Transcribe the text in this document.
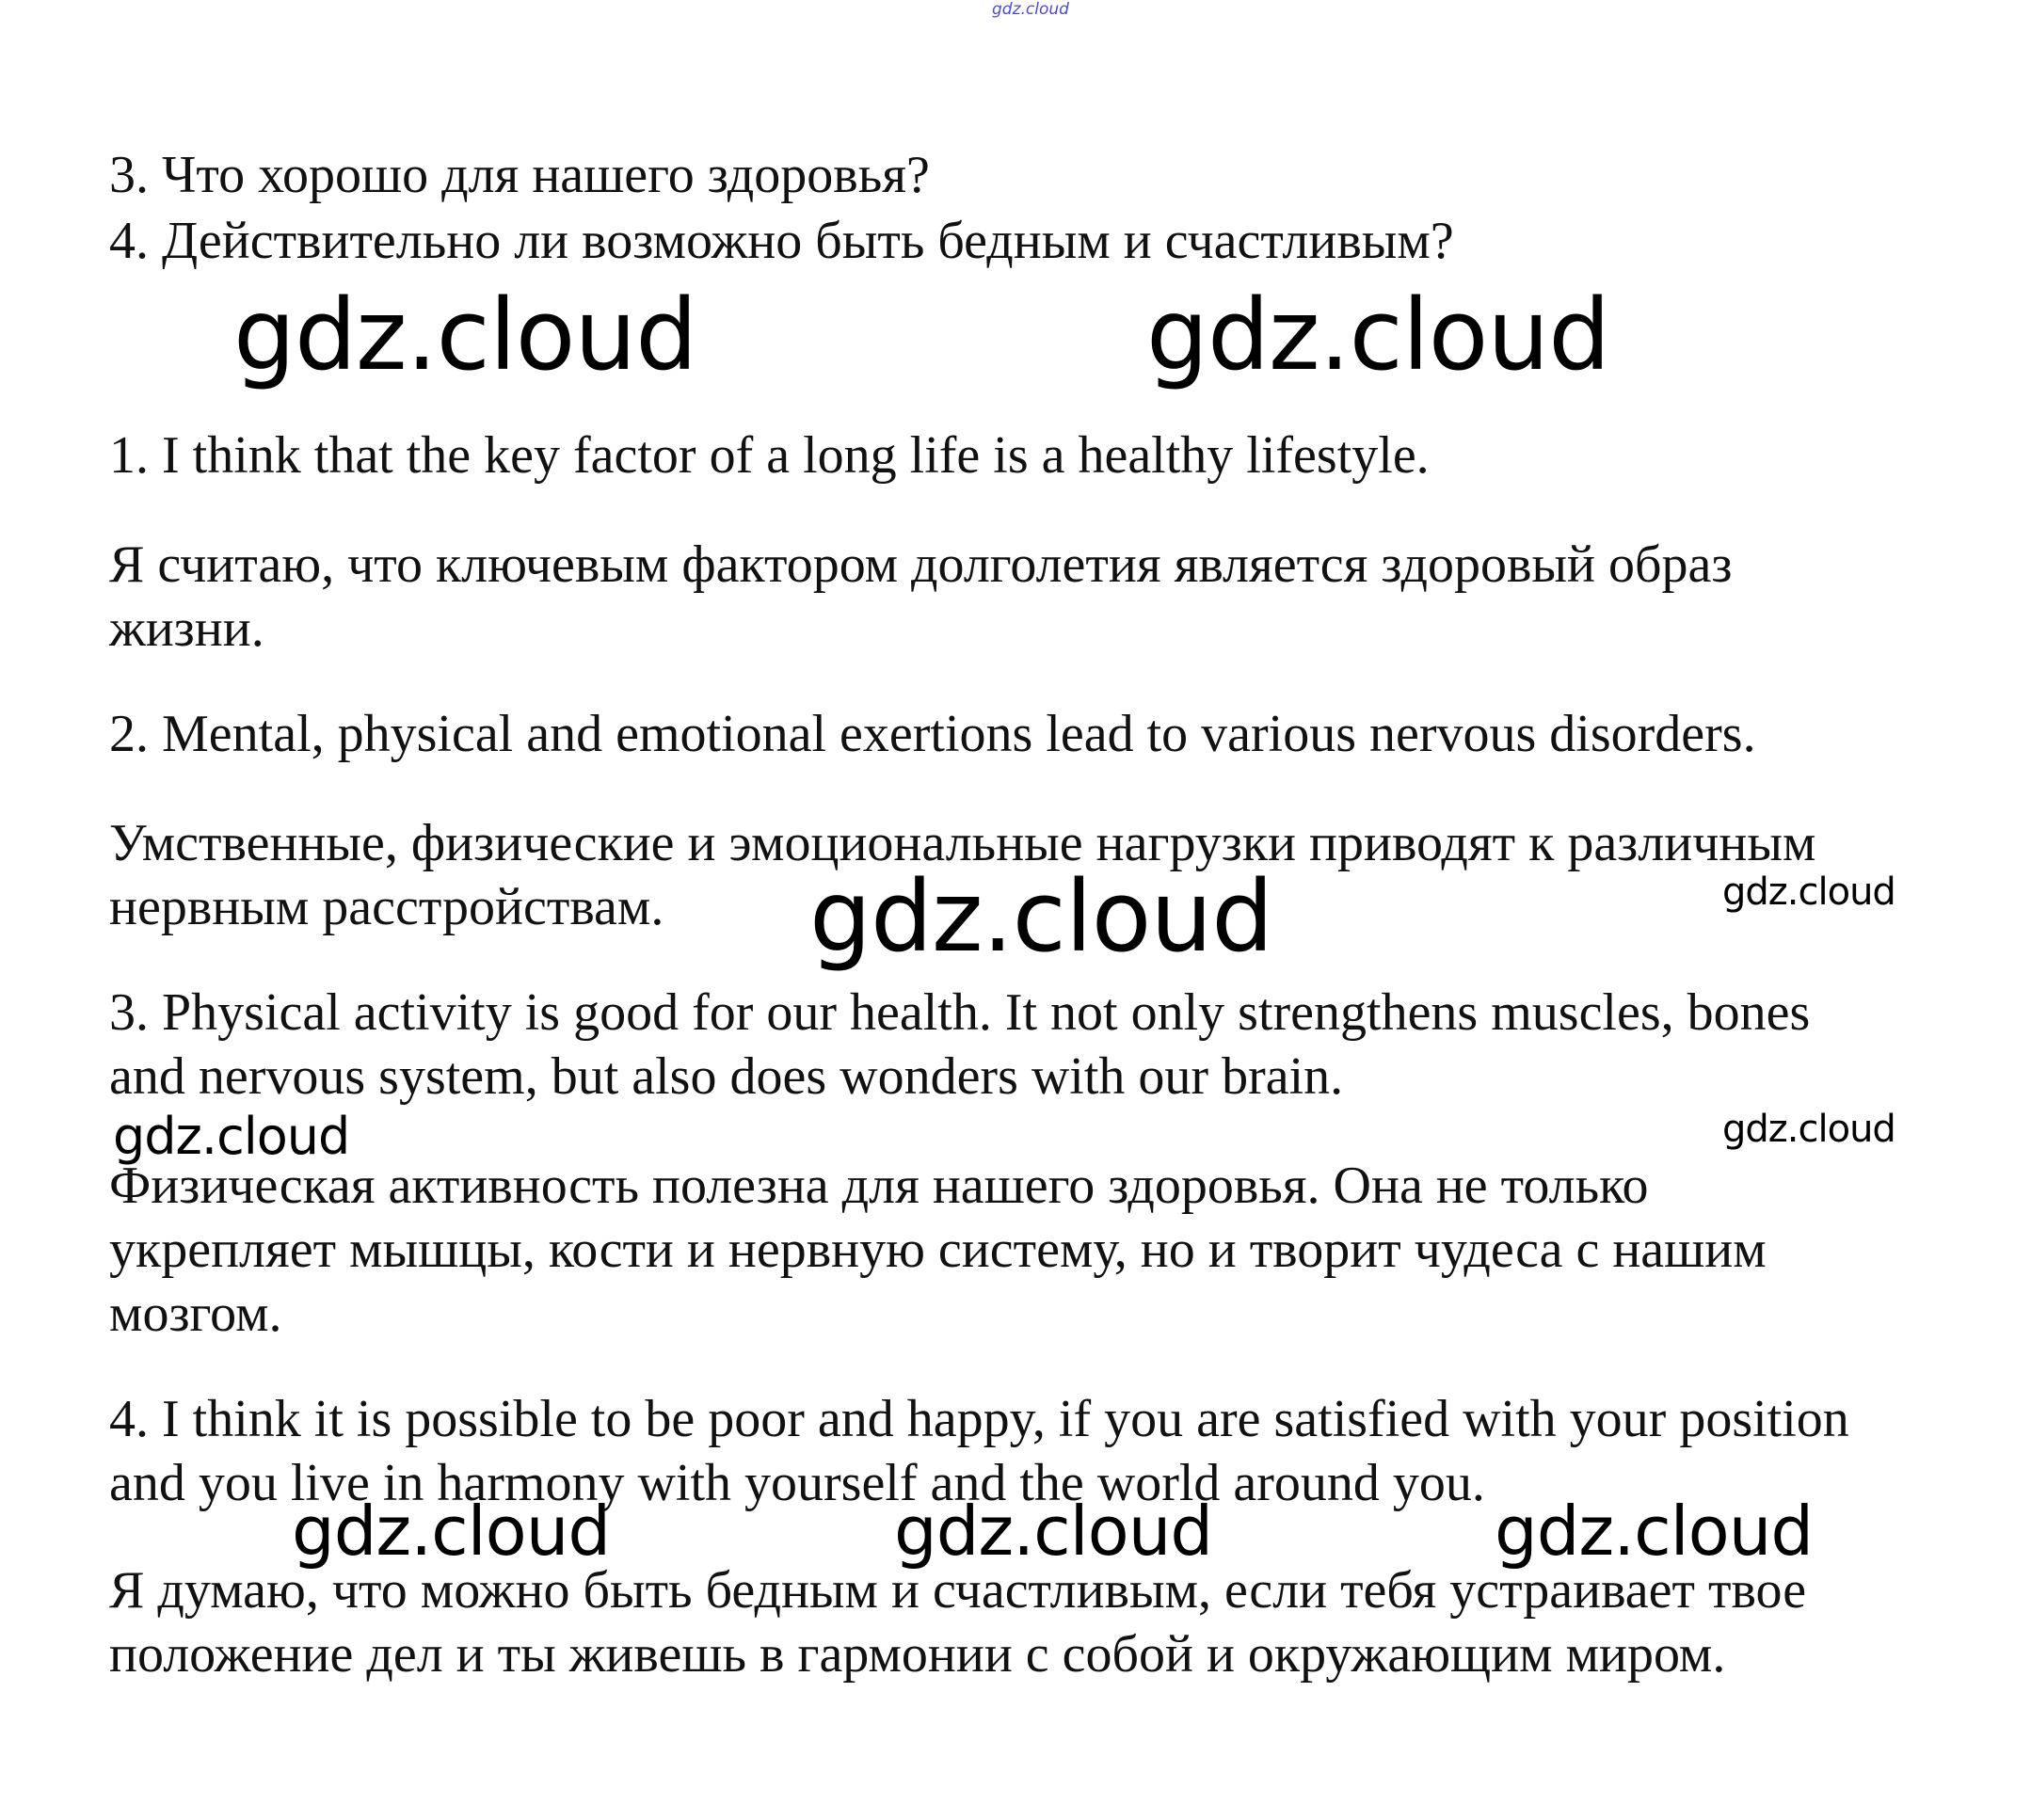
gdz.cloud

3. Что хорошо для нашего здоровья?

4. Действительно ли возможно быть бедным и счастливым?

gdz.cloud	gdz.cloud

1. I think that the key factor of a long life is a healthy lifestyle.

Я считаю, что ключевым фактором долголетия является здоровый образ

жизни.

2. Mental, physical and emotional exertions lead to various nervous disorders.

Умственные, физические и эмоциональные нагрузки приводят к различным

нервным расстройствам. gdz.cloud	gdz.cloud

3. Physical activity is good for our health. It not only strengthens muscles, bones

and nervous system, but also does wonders with our brain.

gdz.cloud	gdz.cloud

Физическая активность полезна для нашего здоровья. Она не только

укрепляет мышцы, кости и нервную систему, но и творит чудеса с нашим

мозгом.

4. I think it is possible to be poor and happy, if you are satisfied with your position

and you live in harmony with yourself and the world around you.

gdz.cloud	gdz.cloud	gdz.cloud

Я думаю, что можно быть бедным и счастливым, если тебя устраивает твое

положение дел и ты живешь в гармонии с собой и окружающим миром.
